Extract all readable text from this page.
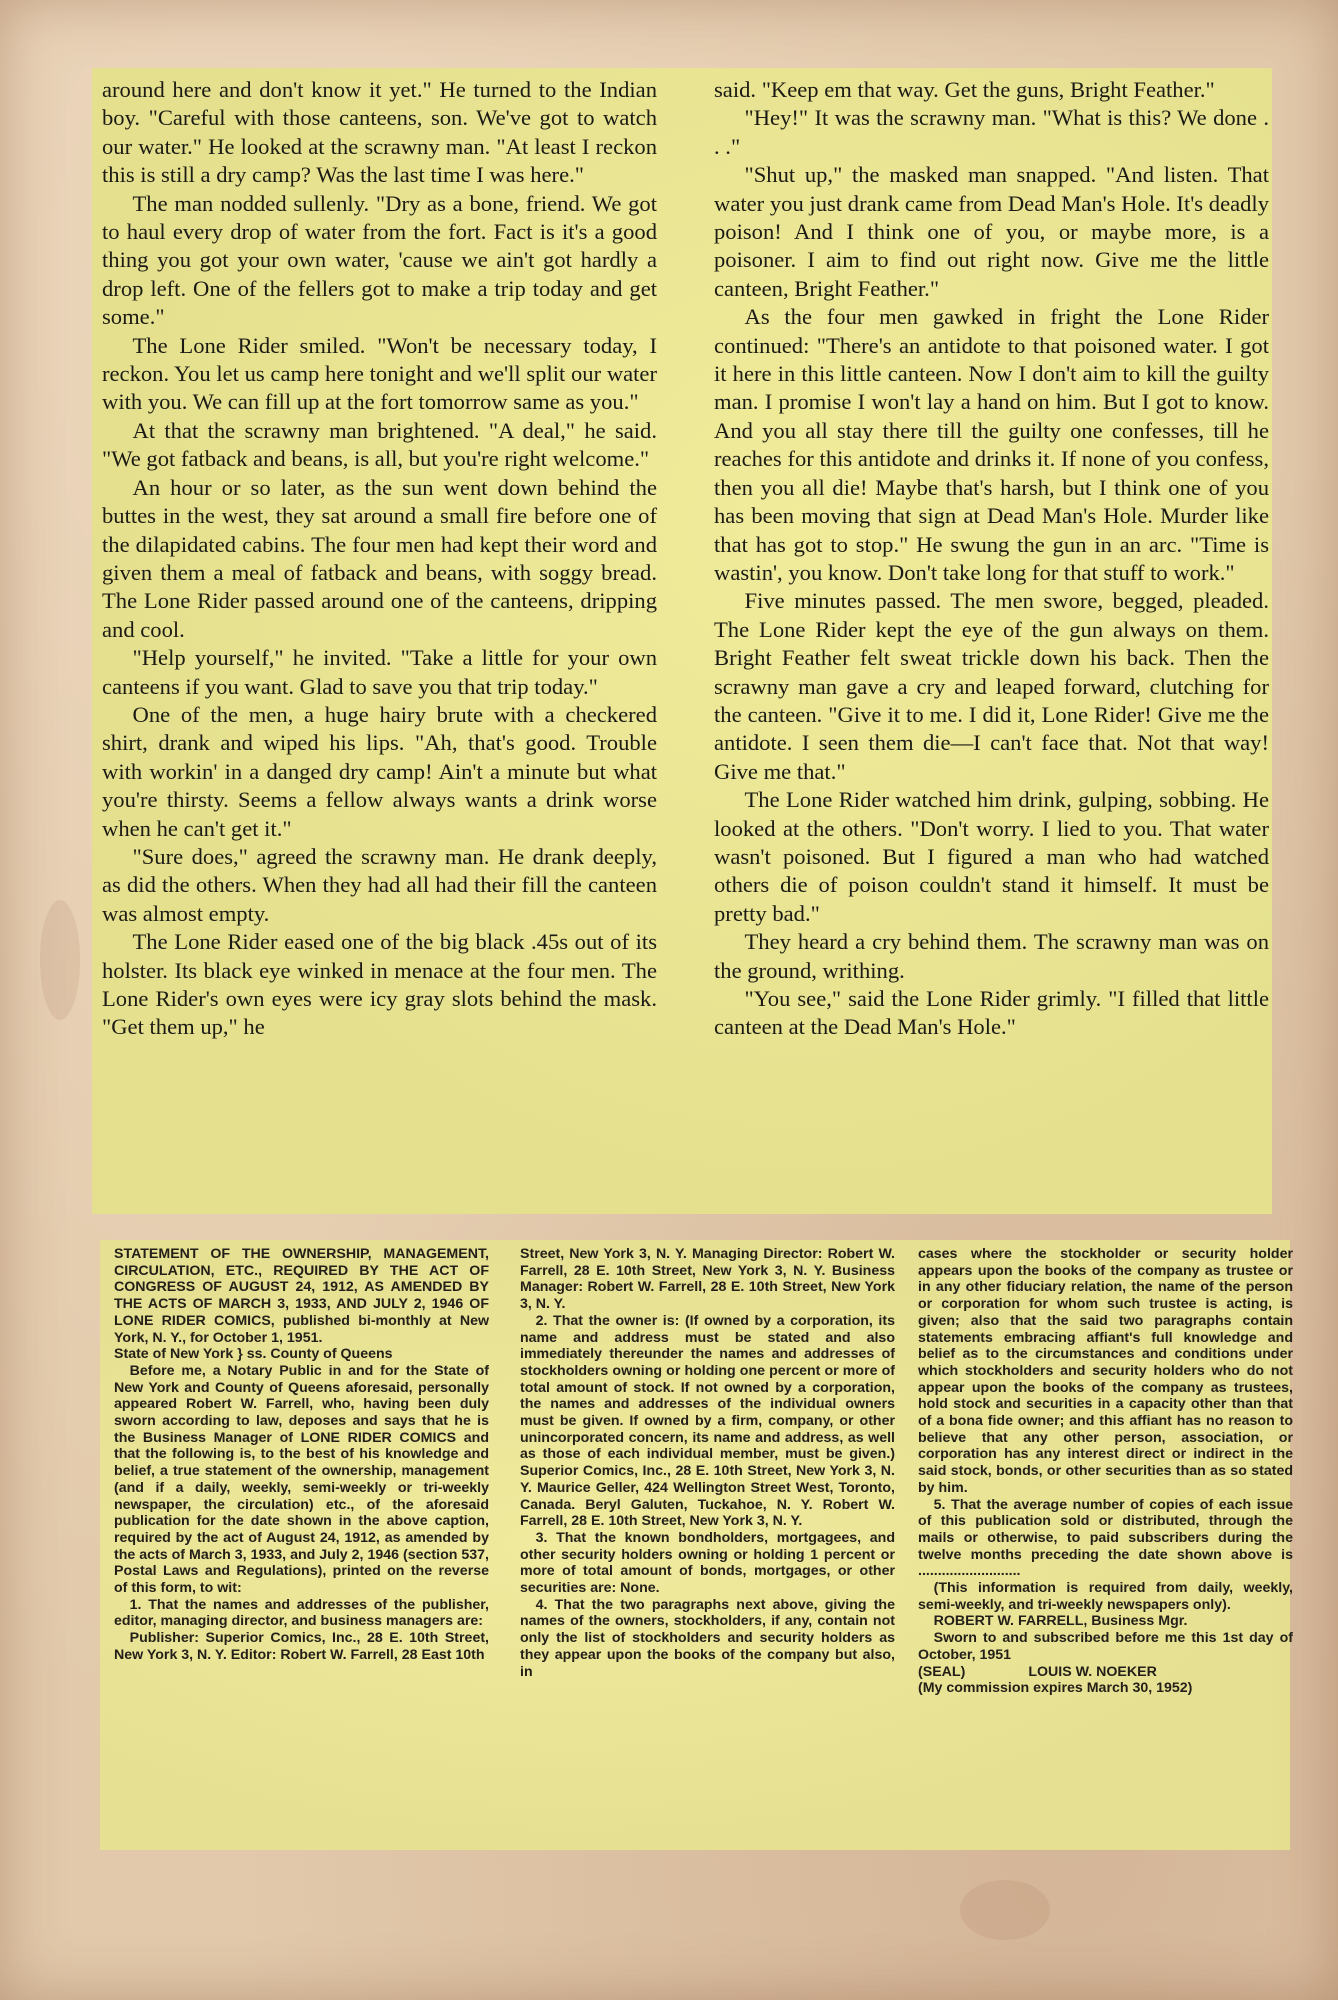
around here and don't know it yet." He turned to the Indian boy. "Careful with those canteens, son. We've got to watch our water." He looked at the scrawny man. "At least I reckon this is still a dry camp? Was the last time I was here."

The man nodded sullenly. "Dry as a bone, friend. We got to haul every drop of water from the fort. Fact is it's a good thing you got your own water, 'cause we ain't got hardly a drop left. One of the fellers got to make a trip today and get some."

The Lone Rider smiled. "Won't be necessary today, I reckon. You let us camp here tonight and we'll split our water with you. We can fill up at the fort tomorrow same as you."

At that the scrawny man brightened. "A deal," he said. "We got fatback and beans, is all, but you're right welcome."

An hour or so later, as the sun went down behind the buttes in the west, they sat around a small fire before one of the dilapidated cabins. The four men had kept their word and given them a meal of fatback and beans, with soggy bread. The Lone Rider passed around one of the canteens, dripping and cool.

"Help yourself," he invited. "Take a little for your own canteens if you want. Glad to save you that trip today."

One of the men, a huge hairy brute with a checkered shirt, drank and wiped his lips. "Ah, that's good. Trouble with workin' in a danged dry camp! Ain't a minute but what you're thirsty. Seems a fellow always wants a drink worse when he can't get it."

"Sure does," agreed the scrawny man. He drank deeply, as did the others. When they had all had their fill the canteen was almost empty.

The Lone Rider eased one of the big black .45s out of its holster. Its black eye winked in menace at the four men. The Lone Rider's own eyes were icy gray slots behind the mask. "Get them up," he

said. "Keep em that way. Get the guns, Bright Feather."

"Hey!" It was the scrawny man. "What is this? We done . . ."

"Shut up," the masked man snapped. "And listen. That water you just drank came from Dead Man's Hole. It's deadly poison! And I think one of you, or maybe more, is a poisoner. I aim to find out right now. Give me the little canteen, Bright Feather."

As the four men gawked in fright the Lone Rider continued: "There's an antidote to that poisoned water. I got it here in this little canteen. Now I don't aim to kill the guilty man. I promise I won't lay a hand on him. But I got to know. And you all stay there till the guilty one confesses, till he reaches for this antidote and drinks it. If none of you confess, then you all die! Maybe that's harsh, but I think one of you has been moving that sign at Dead Man's Hole. Murder like that has got to stop." He swung the gun in an arc. "Time is wastin', you know. Don't take long for that stuff to work."

Five minutes passed. The men swore, begged, pleaded. The Lone Rider kept the eye of the gun always on them. Bright Feather felt sweat trickle down his back. Then the scrawny man gave a cry and leaped forward, clutching for the canteen. "Give it to me. I did it, Lone Rider! Give me the antidote. I seen them die—I can't face that. Not that way! Give me that."

The Lone Rider watched him drink, gulping, sobbing. He looked at the others. "Don't worry. I lied to you. That water wasn't poisoned. But I figured a man who had watched others die of poison couldn't stand it himself. It must be pretty bad."

They heard a cry behind them. The scrawny man was on the ground, writhing.

"You see," said the Lone Rider grimly. "I filled that little canteen at the Dead Man's Hole."

STATEMENT OF THE OWNERSHIP, MANAGEMENT, CIRCULATION, ETC., REQUIRED BY THE ACT OF CONGRESS OF AUGUST 24, 1912, AS AMENDED BY THE ACTS OF MARCH 3, 1933, AND JULY 2, 1946 OF LONE RIDER COMICS, published bi-monthly at New York, N. Y., for October 1, 1951.

State of New York } ss. County of Queens

Before me, a Notary Public in and for the State of New York and County of Queens aforesaid, personally appeared Robert W. Farrell, who, having been duly sworn according to law, deposes and says that he is the Business Manager of LONE RIDER COMICS and that the following is, to the best of his knowledge and belief, a true statement of the ownership, management (and if a daily, weekly, semi-weekly or tri-weekly newspaper, the circulation) etc., of the aforesaid publication for the date shown in the above caption, required by the act of August 24, 1912, as amended by the acts of March 3, 1933, and July 2, 1946 (section 537, Postal Laws and Regulations), printed on the reverse of this form, to wit:

1. That the names and addresses of the publisher, editor, managing director, and business managers are:

Publisher: Superior Comics, Inc., 28 E. 10th Street, New York 3, N. Y. Editor: Robert W. Farrell, 28 East 10th

Street, New York 3, N. Y. Managing Director: Robert W. Farrell, 28 E. 10th Street, New York 3, N. Y. Business Manager: Robert W. Farrell, 28 E. 10th Street, New York 3, N. Y.

2. That the owner is: (If owned by a corporation, its name and address must be stated and also immediately thereunder the names and addresses of stockholders owning or holding one percent or more of total amount of stock. If not owned by a corporation, the names and addresses of the individual owners must be given. If owned by a firm, company, or other unincorporated concern, its name and address, as well as those of each individual member, must be given.) Superior Comics, Inc., 28 E. 10th Street, New York 3, N. Y. Maurice Geller, 424 Wellington Street West, Toronto, Canada. Beryl Galuten, Tuckahoe, N. Y. Robert W. Farrell, 28 E. 10th Street, New York 3, N. Y.

3. That the known bondholders, mortgagees, and other security holders owning or holding 1 percent or more of total amount of bonds, mortgages, or other securities are: None.

4. That the two paragraphs next above, giving the names of the owners, stockholders, if any, contain not only the list of stockholders and security holders as they appear upon the books of the company but also, in

cases where the stockholder or security holder appears upon the books of the company as trustee or in any other fiduciary relation, the name of the person or corporation for whom such trustee is acting, is given; also that the said two paragraphs contain statements embracing affiant's full knowledge and belief as to the circumstances and conditions under which stockholders and security holders who do not appear upon the books of the company as trustees, hold stock and securities in a capacity other than that of a bona fide owner; and this affiant has no reason to believe that any other person, association, or corporation has any interest direct or indirect in the said stock, bonds, or other securities than as so stated by him.

5. That the average number of copies of each issue of this publication sold or distributed, through the mails or otherwise, to paid subscribers during the twelve months preceding the date shown above is ..........................

(This information is required from daily, weekly, semi-weekly, and tri-weekly newspapers only).

ROBERT W. FARRELL, Business Mgr.

Sworn to and subscribed before me this 1st day of October, 1951

(SEAL)                LOUIS W. NOEKER

(My commission expires March 30, 1952)
